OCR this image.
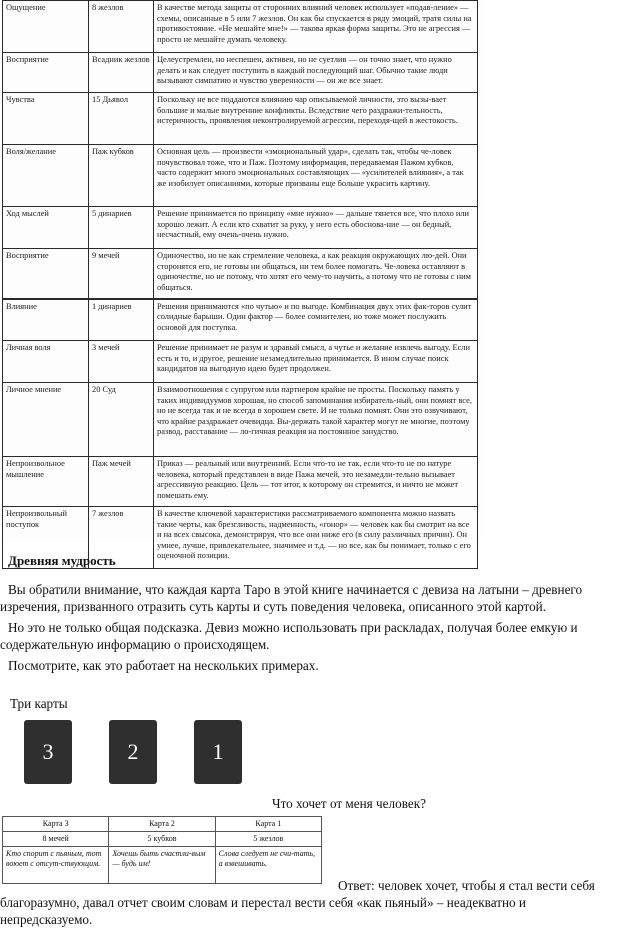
Ощущение	8 жезлов	В качестве метода защиты от сторонних влияний человек использует «подав-ление» — схемы, описанные в 5 или 7 жезлов. Он как бы спускается в ряду эмоций, тратя силы на противостояние. «Не мешайте мне!» — такова яркая форма защиты. Это не агрессия — просто не мешайте думать человеку.
Восприятие	Всадник жезлов	Целеустремлен, но неспешен, активен, но не суетлив — он точно знает, что нужно делать и как следует поступить в каждый последующий шаг. Обычно такие люди вызывают симпатию и чувство уверенности — он же все знает.
Чувства	15 Дьявол	Поскольку не все поддаются влиянию чар описываемой личности, это вызы-вает большие и малые внутренние конфликты. Вследствие чего раздражи-тельность, истеричность, проявления неконтролируемой агрессии, переходя-щей в жестокость.
Воля/желание	Паж кубков	Основная цель — произвести «эмоциональный удар», сделать так, чтобы че-ловек почувствовал тоже, что и Паж. Поэтому информация, передаваемая Пажом кубков, часто содержит много эмоциональных составляющих — «усилителей влияния», а так же изобилует описаниями, которые призваны еще больше украсить картину.
Ход мыслей	5 динариев	Решение принимается по принципу «мне нужно» — дальше тянется все, что плохо или хорошо лежит. А если кто схватит за руку, у него есть обоснова-ние — он бедный, несчастный, ему очень-очень нужно.
Восприятие	9 мечей	Одиночество, но не как стремление человека, а как реакция окружающих лю-дей. Они сторонятся его, не готовы ни общаться, ни тем более помогать. Че-ловека оставляют в одиночестве, но не потому, что хотят его чему-то научить, а потому что не готовы с ним общаться.
Влияние	1 динариев	Решения принимаются «по чутью» и по выгоде. Комбинация двух этих фак-торов сулит солидные барыши. Один фактор — более сомнителен, но тоже может послужить основой для поступка.
Личная воля	3 мечей	Решение принимает не разум и здравый смысл, а чутье и желание извлечь выгоду. Если есть и то, и другое, решение незамедлительно принимается. В ином случае поиск кандидатов на выгодную идею будет продолжен.
Личное мнение	20 Суд	Взаимоотношения с супругом или партнером крайне не просты. Поскольку память у таких индивидуумов хорошая, но способ запоминания избиратель-ный, они помнят все, но не всегда так и не всегда в хорошем свете. И не только помнят. Они это озвучивают, что крайне раздражает очевидца. Вы-держать такой характер могут не многие, поэтому развод, расставание — ло-гичная реакция на постоянное занудство.
Непроизвольное мышление	Паж мечей	Приказ — реальный или внутренний. Если что-то не так, если что-то не по натуре человека, который представлен в виде Пажа мечей, это незамедли-тельно вызывает агрессивную реакцию. Цель — тот итог, к которому он стремится, и ничто не может помешать ему.
Непроизвольный поступок	7 жезлов	В качестве ключевой характеристики рассматриваемого компонента можно назвать такие черты, как брезгливость, надменность, «гонор» — человек как бы смотрит на все и на всех свысока, демонстрируя, что все они ниже его (в силу различных причин). Он умнее, лучше, привлекательнее, значимее и т.д. — но все, как бы понимает, только с его оценочной позиции.
Древняя мудрость

Вы обратили внимание, что каждая карта Таро в этой книге начинается с девиза на латыни – древнего изречения, призванного отразить суть карты и суть поведения человека, описанного этой картой.

Но это не только общая подсказка. Девиз можно использовать при раскладах, получая более емкую и содержательную информацию о происходящем.

Посмотрите, как это работает на нескольких примерах.

Три карты
3	2	1
Что хочет от меня человек?
Карта 3	Карта 2	Карта 1
8 мечей	5 кубков	5 жезлов
Кто спорит с пьяным, тот воюет с отсут-ствующим.	Хочешь быть счастли-вым — будь им!	Слова следует не счи-тать, а взвешивать.
Ответ: человек хочет, чтобы я стал вести себя

благоразумно, давал отчет своим словам и перестал вести себя «как пьяный» – неадекватно и непредсказуемо.
